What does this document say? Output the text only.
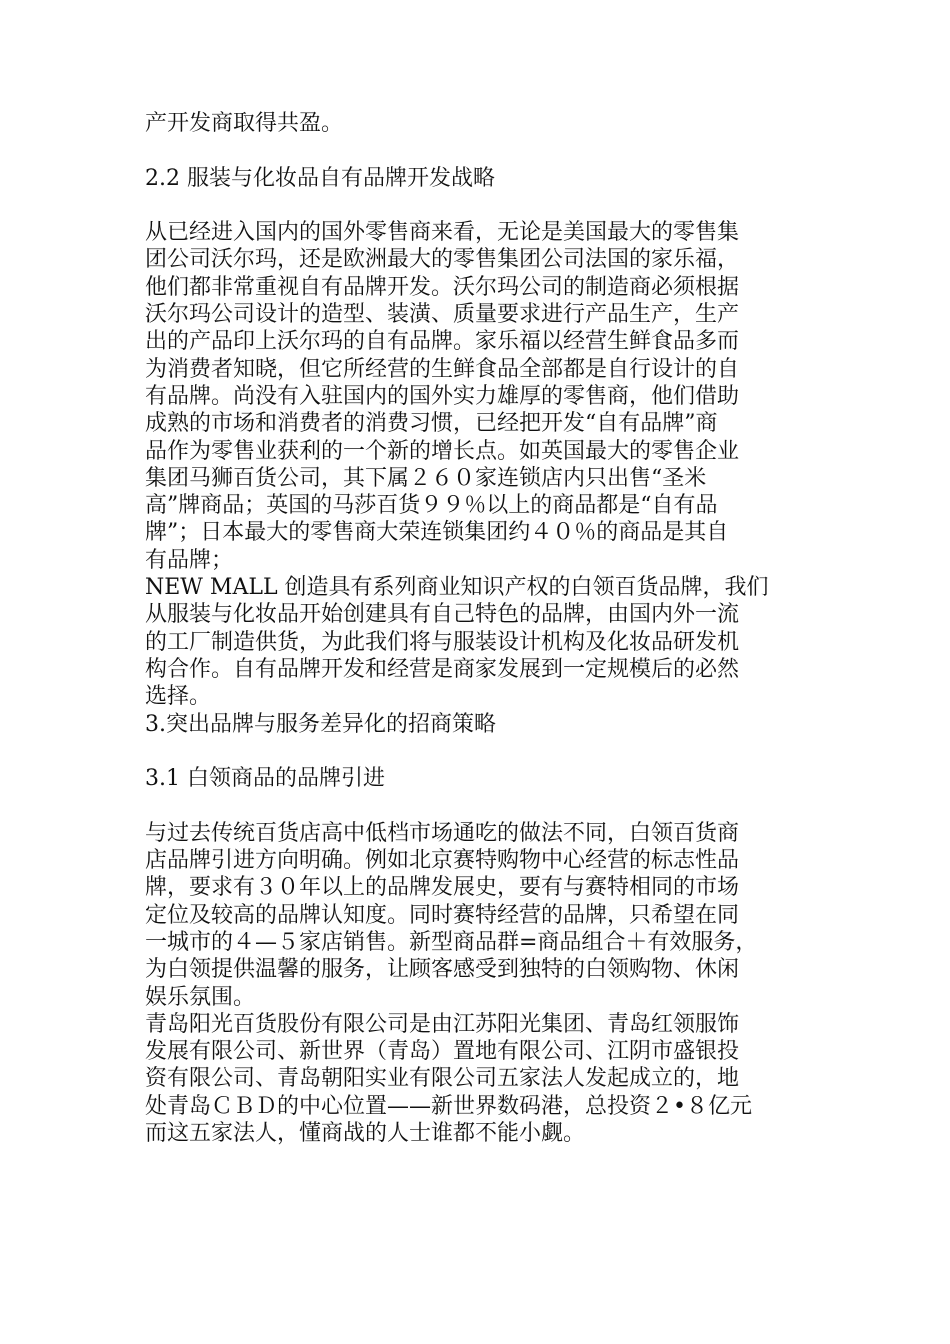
产开发商取得共盈。
2.2 服装与化妆品自有品牌开发战略
从已经进入国内的国外零售商来看，无论是美国最大的零售集
团公司沃尔玛，还是欧洲最大的零售集团公司法国的家乐福，
他们都非常重视自有品牌开发。沃尔玛公司的制造商必须根据
沃尔玛公司设计的造型、装潢、质量要求进行产品生产，生产
出的产品印上沃尔玛的自有品牌。家乐福以经营生鲜食品多而
为消费者知晓，但它所经营的生鲜食品全部都是自行设计的自
有品牌。尚没有入驻国内的国外实力雄厚的零售商，他们借助
成熟的市场和消费者的消费习惯，已经把开发“自有品牌”商
品作为零售业获利的一个新的增长点。如英国最大的零售企业
集团马狮百货公司，其下属２６０家连锁店内只出售“圣米
高”牌商品；英国的马莎百货９９％以上的商品都是“自有品
牌”；日本最大的零售商大荣连锁集团约４０％的商品是其自
有品牌；
NEW MALL 创造具有系列商业知识产权的白领百货品牌，我们
从服装与化妆品开始创建具有自己特色的品牌，由国内外一流
的工厂制造供货，为此我们将与服装设计机构及化妆品研发机
构合作。自有品牌开发和经营是商家发展到一定规模后的必然
选择。
3.突出品牌与服务差异化的招商策略
3.1 白领商品的品牌引进
与过去传统百货店高中低档市场通吃的做法不同，白领百货商
店品牌引进方向明确。例如北京赛特购物中心经营的标志性品
牌，要求有３０年以上的品牌发展史，要有与赛特相同的市场
定位及较高的品牌认知度。同时赛特经营的品牌，只希望在同
一城市的４—５家店销售。新型商品群=商品组合＋有效服务，
为白领提供温馨的服务，让顾客感受到独特的白领购物、休闲
娱乐氛围。
青岛阳光百货股份有限公司是由江苏阳光集团、青岛红领服饰
发展有限公司、新世界（青岛）置地有限公司、江阴市盛银投
资有限公司、青岛朝阳实业有限公司五家法人发起成立的，地
处青岛ＣＢＤ的中心位置——新世界数码港，总投资２•８亿元
而这五家法人，懂商战的人士谁都不能小觑。
